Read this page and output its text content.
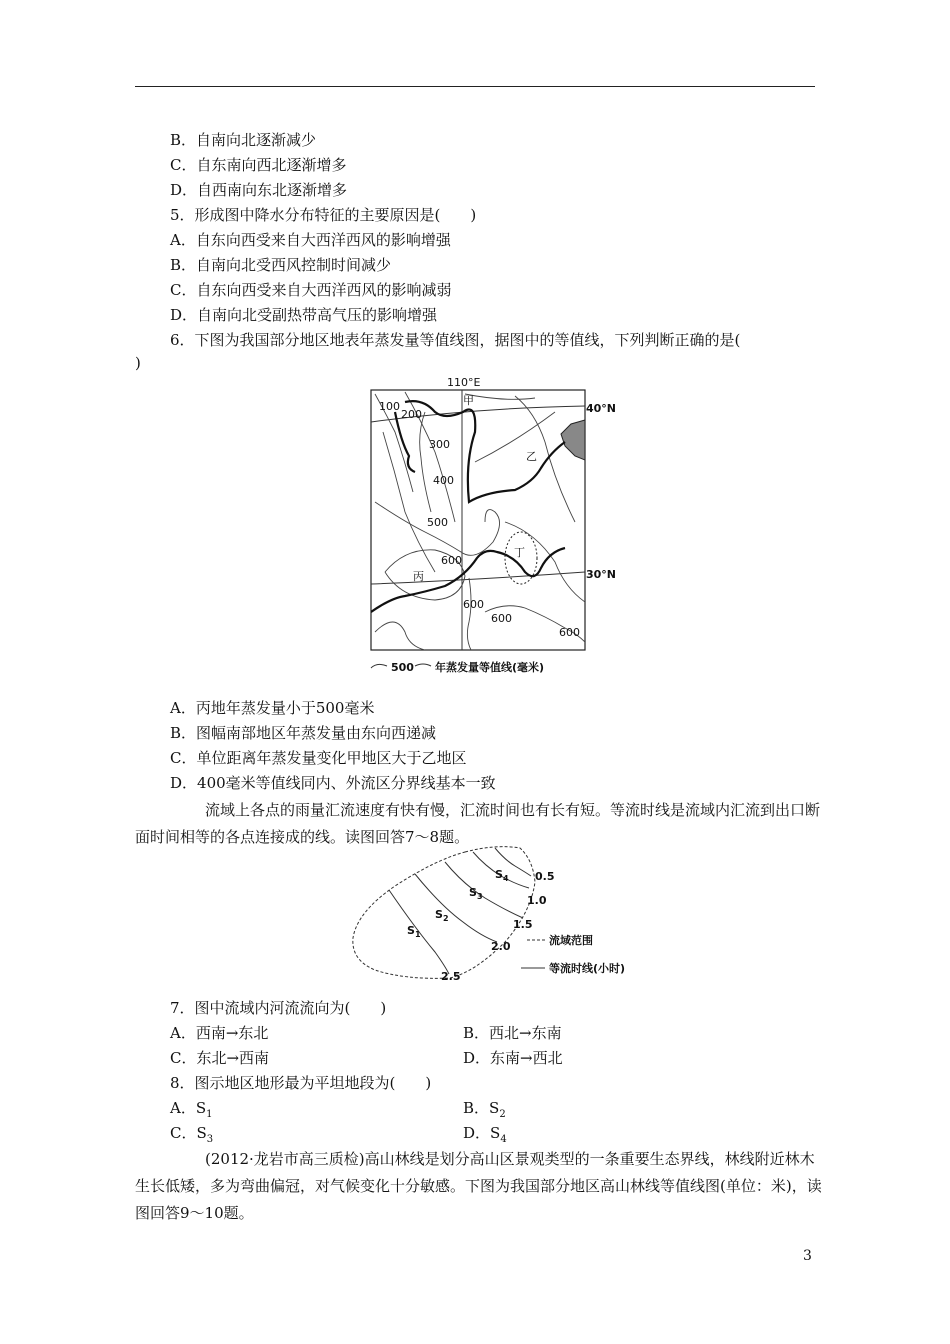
B．自南向北逐渐减少
C．自东南向西北逐渐增多
D．自西南向东北逐渐增多
5．形成图中降水分布特征的主要原因是(　　)
A．自东向西受来自大西洋西风的影响增强
B．自南向北受西风控制时间减少
C．自东向西受来自大西洋西风的影响减弱
D．自南向北受副热带高气压的影响增强
6．下图为我国部分地区地表年蒸发量等值线图，据图中的等值线，下列判断正确的是(
)
110°E
甲
40°N
30°N
乙
丙
丁
100
200
300
400
500
600
600
600
600
500 年蒸发量等值线(毫米)
A．丙地年蒸发量小于500毫米
B．图幅南部地区年蒸发量由东向西递减
C．单位距离年蒸发量变化甲地区大于乙地区
D．400毫米等值线同内、外流区分界线基本一致
流域上各点的雨量汇流速度有快有慢，汇流时间也有长有短。等流时线是流域内汇流到出口断面时间相等的各点连接成的线。读图回答7～8题。
0.5
1.0
1.5
2.0
2.5
$S_4$
$S_3$
$S_2$
$S_1$	流域范围
等流时线(小时)
7．图中流域内河流流向为(　　)
A．西南→东北	B．西北→东南
C．东北→西南	D．东南→西北
8．图示地区地形最为平坦地段为(　　)
A．$S_1$	B．$S_2$
C．$S_3$	D．$S_4$
(2012·龙岩市高三质检)高山林线是划分高山区景观类型的一条重要生态界线，林线附近林木生长低矮，多为弯曲偏冠，对气候变化十分敏感。下图为我国部分地区高山林线等值线图(单位：米)，读图回答9～10题。
3
